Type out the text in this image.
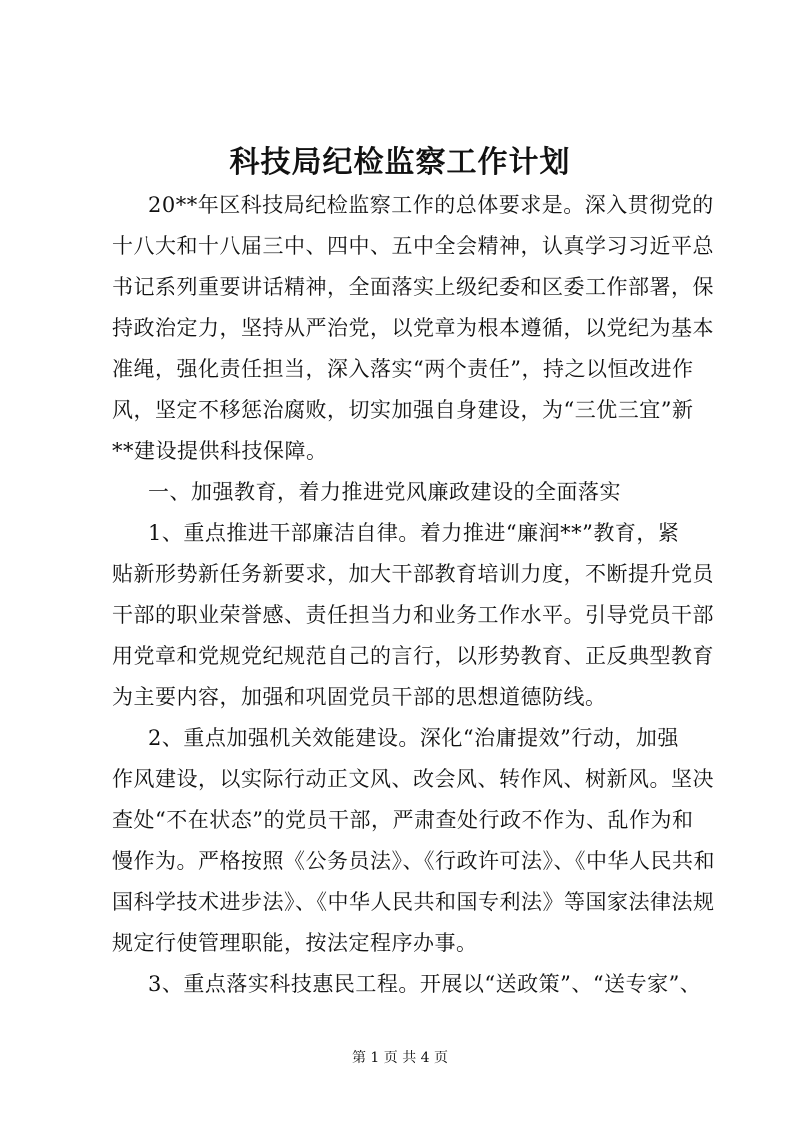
科技局纪检监察工作计划
20**年区科技局纪检监察工作的总体要求是。深入贯彻党的
十八大和十八届三中、四中、五中全会精神，认真学习习近平总
书记系列重要讲话精神，全面落实上级纪委和区委工作部署，保
持政治定力，坚持从严治党，以党章为根本遵循，以党纪为基本
准绳，强化责任担当，深入落实“两个责任”，持之以恒改进作
风，坚定不移惩治腐败，切实加强自身建设，为“三优三宜”新
**建设提供科技保障。
一、加强教育，着力推进党风廉政建设的全面落实
1、重点推进干部廉洁自律。着力推进“廉润**”教育，紧
贴新形势新任务新要求，加大干部教育培训力度，不断提升党员
干部的职业荣誉感、责任担当力和业务工作水平。引导党员干部
用党章和党规党纪规范自己的言行，以形势教育、正反典型教育
为主要内容，加强和巩固党员干部的思想道德防线。
2、重点加强机关效能建设。深化“治庸提效”行动，加强
作风建设，以实际行动正文风、改会风、转作风、树新风。坚决
查处“不在状态”的党员干部，严肃查处行政不作为、乱作为和
慢作为。严格按照《公务员法》、《行政许可法》、《中华人民共和
国科学技术进步法》、《中华人民共和国专利法》等国家法律法规
规定行使管理职能，按法定程序办事。
3、重点落实科技惠民工程。开展以“送政策”、“送专家”、
第 1 页 共 4 页
